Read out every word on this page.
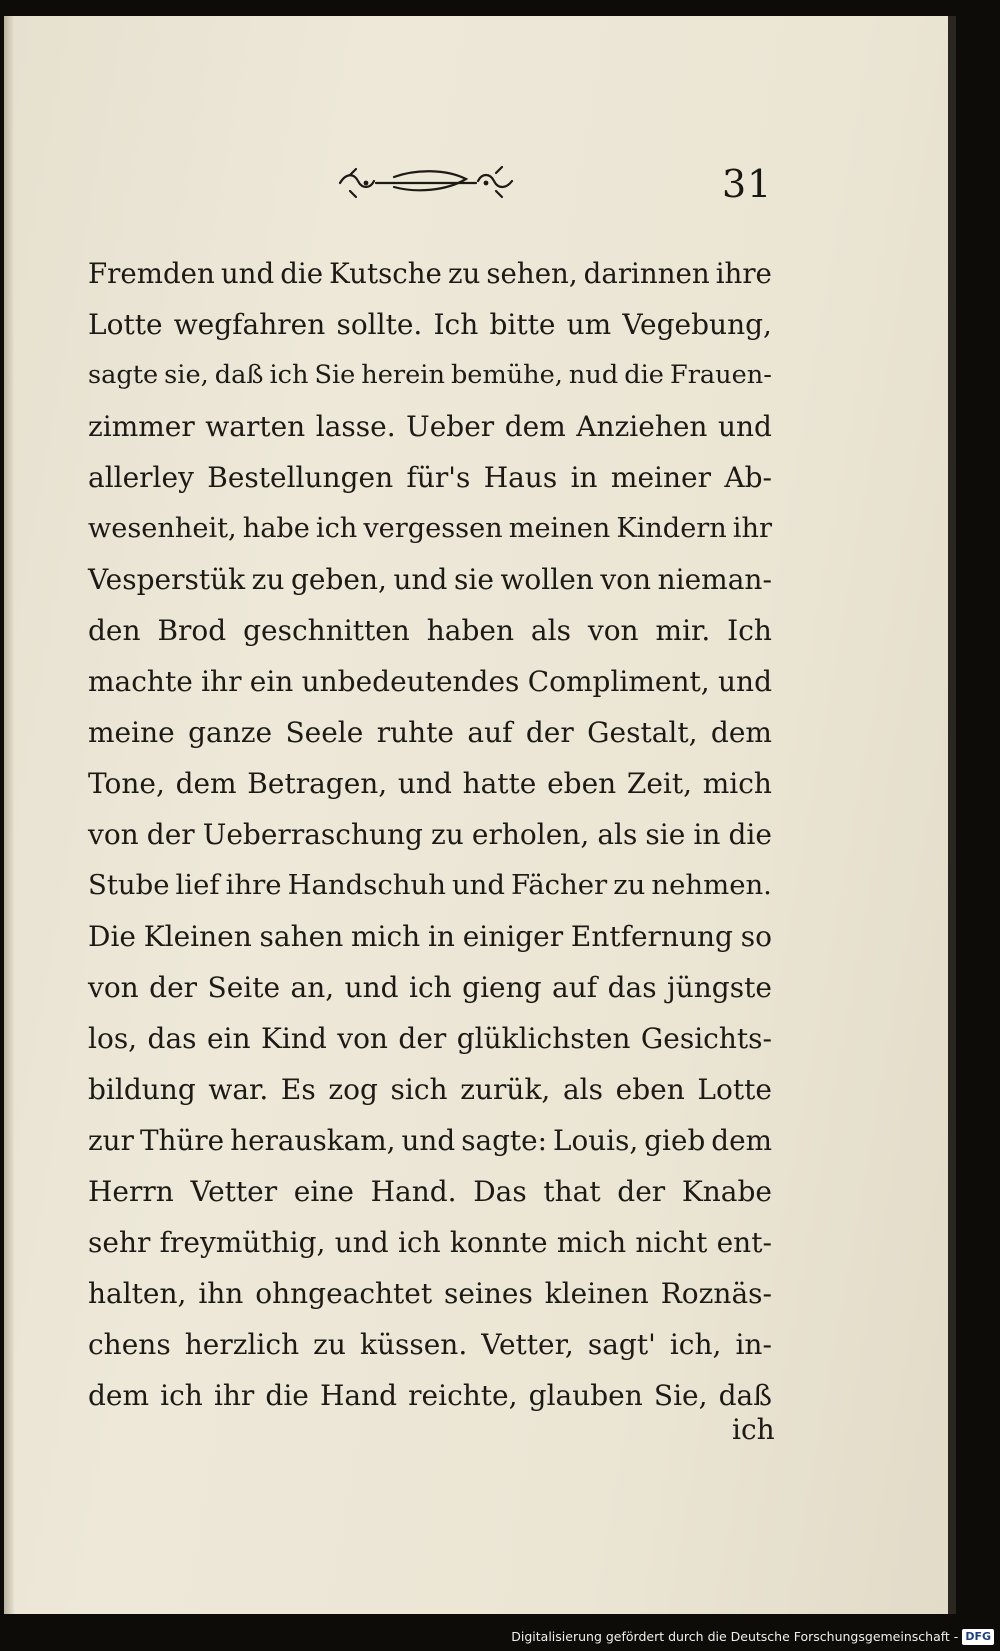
31
Fremden und die Kutsche zu sehen, darinnen ihre
Lotte wegfahren sollte. Ich bitte um Vegebung,
sagte sie, daß ich Sie herein bemühe, nud die Frauen-
zimmer warten lasse. Ueber dem Anziehen und
allerley Bestellungen für's Haus in meiner Ab-
wesenheit, habe ich vergessen meinen Kindern ihr
Vesperstük zu geben, und sie wollen von nieman-
den Brod geschnitten haben als von mir. Ich
machte ihr ein unbedeutendes Compliment, und
meine ganze Seele ruhte auf der Gestalt, dem
Tone, dem Betragen, und hatte eben Zeit, mich
von der Ueberraschung zu erholen, als sie in die
Stube lief ihre Handschuh und Fächer zu nehmen.
Die Kleinen sahen mich in einiger Entfernung so
von der Seite an, und ich gieng auf das jüngste
los, das ein Kind von der glüklichsten Gesichts-
bildung war. Es zog sich zurük, als eben Lotte
zur Thüre herauskam, und sagte: Louis, gieb dem
Herrn Vetter eine Hand. Das that der Knabe
sehr freymüthig, und ich konnte mich nicht ent-
halten, ihn ohngeachtet seines kleinen Roznäs-
chens herzlich zu küssen. Vetter, sagt' ich, in-
dem ich ihr die Hand reichte, glauben Sie, daß
ich
Digitalisierung gefördert durch die Deutsche Forschungsgemeinschaft - DFG
